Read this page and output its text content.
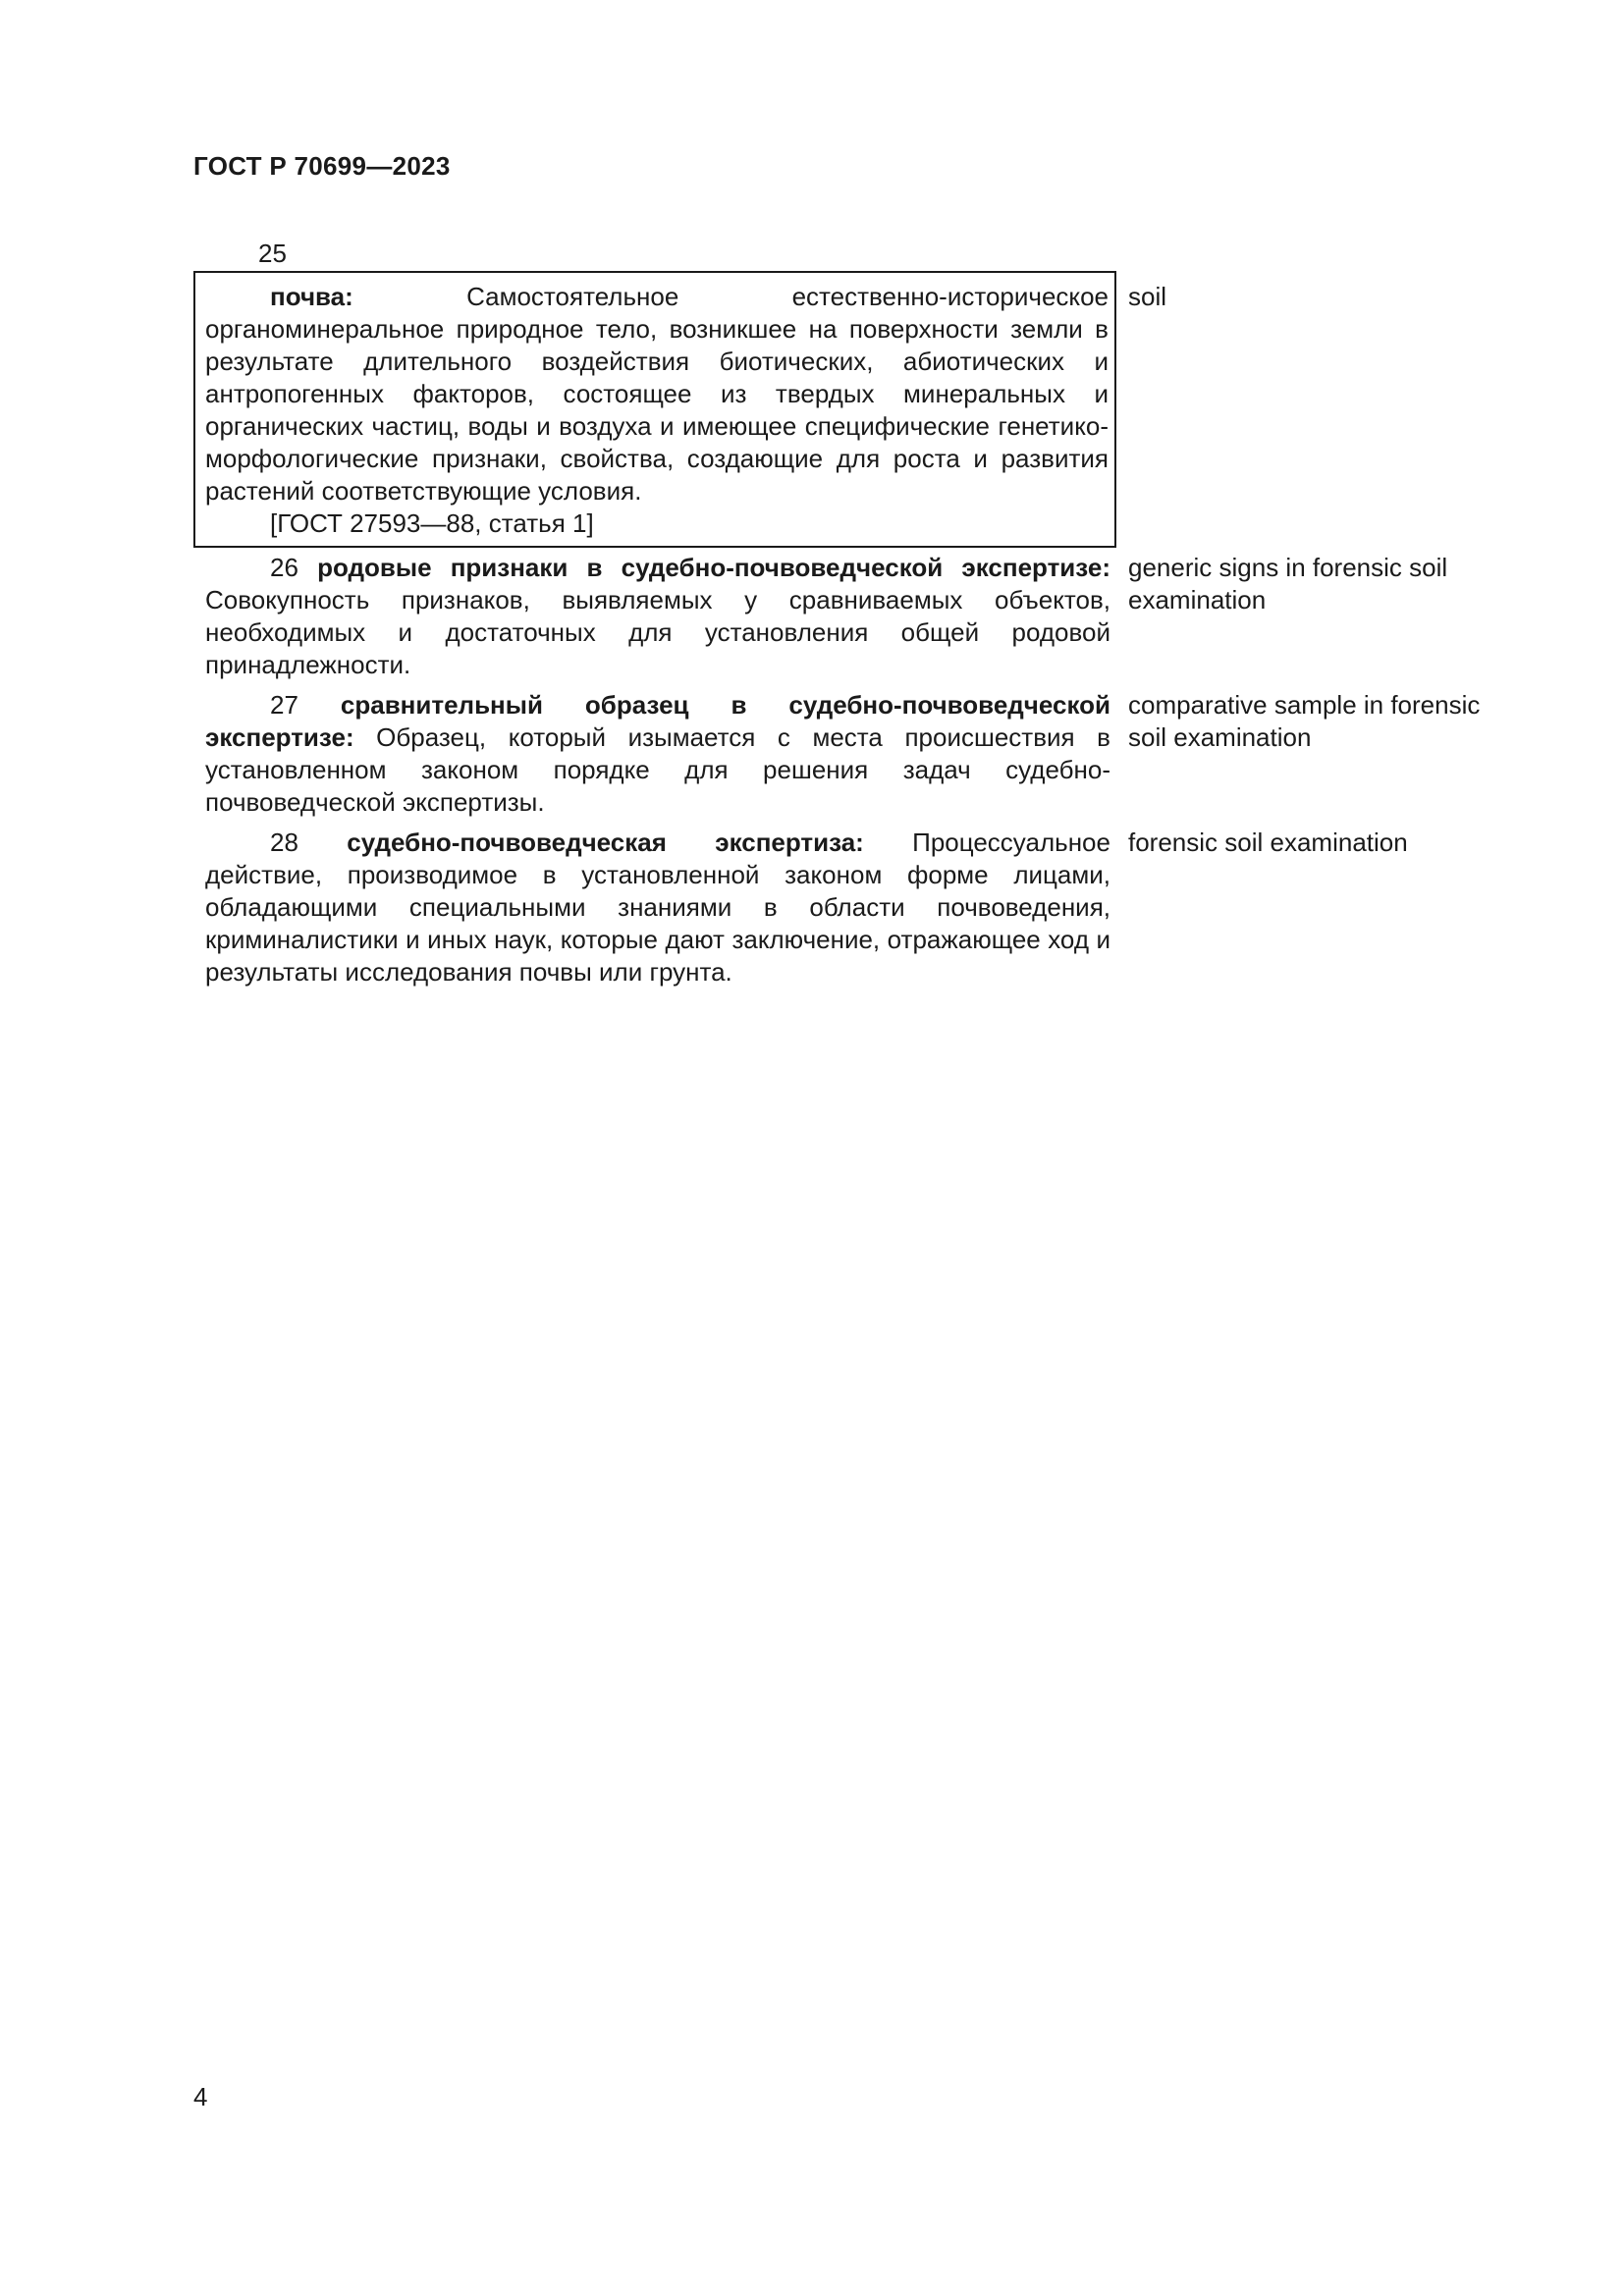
ГОСТ Р 70699—2023
25
почва: Самостоятельное естественно-историческое органоминеральное природное тело, возникшее на поверхности земли в результате длительного воздействия биотических, абиотических и антропогенных факторов, состоящее из твердых минеральных и органических частиц, воды и воздуха и имеющее специфические генетико-морфологические признаки, свойства, создающие для роста и развития растений соответствующие условия.
[ГОСТ 27593—88, статья 1]
soil
26 родовые признаки в судебно-почвоведческой экспертизе: Совокупность признаков, выявляемых у сравниваемых объектов, необходимых и достаточных для установления общей родовой принадлежности.
generic signs in forensic soil examination
27 сравнительный образец в судебно-почвоведческой экспертизе: Образец, который изымается с места происшествия в установленном законом порядке для решения задач судебно-почвоведческой экспертизы.
comparative sample in forensic soil examination
28 судебно-почвоведческая экспертиза: Процессуальное действие, производимое в установленной законом форме лицами, обладающими специальными знаниями в области почвоведения, криминалистики и иных наук, которые дают заключение, отражающее ход и результаты исследования почвы или грунта.
forensic soil examination
4
